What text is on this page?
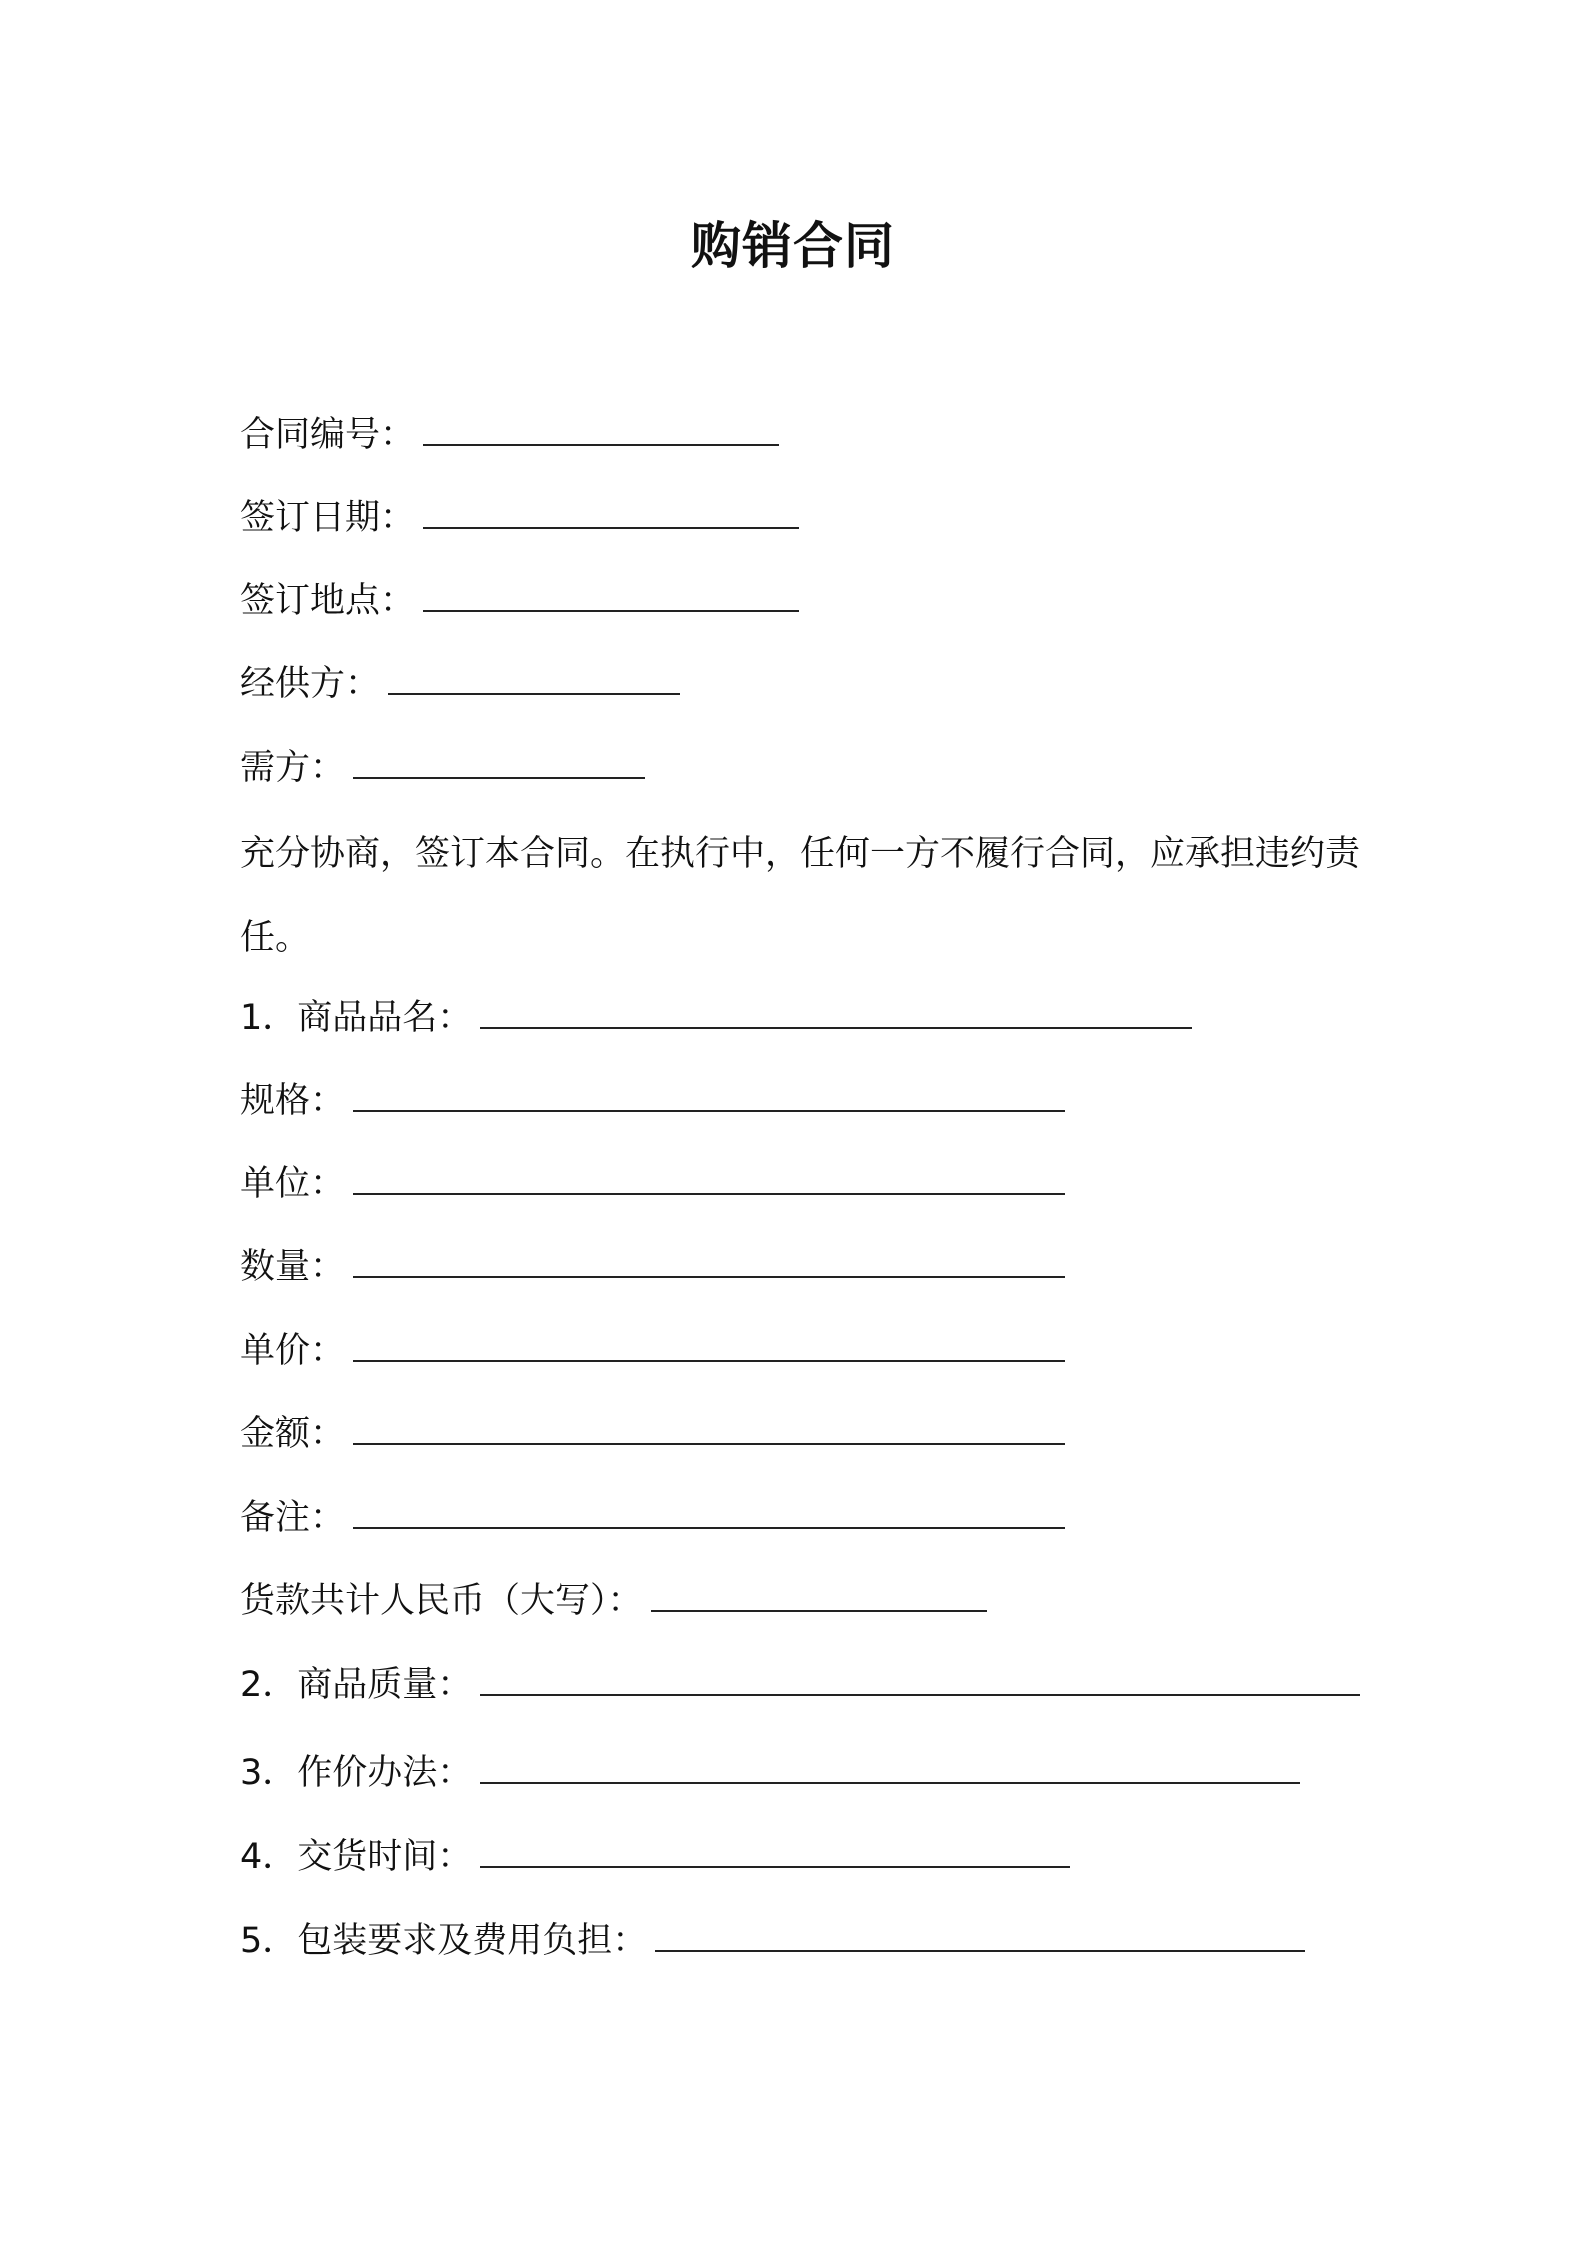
购销合同
合同编号：
签订日期：
签订地点：
经供方：
需方：

充分协商，签订本合同。在执行中，任何一方不履行合同，应承担违约责任。

1．商品品名：
规格：
单位：
数量：
单价：
金额：
备注：
货款共计人民币（大写）：
2．商品质量：
3．作价办法：
4．交货时间：
5．包装要求及费用负担：
